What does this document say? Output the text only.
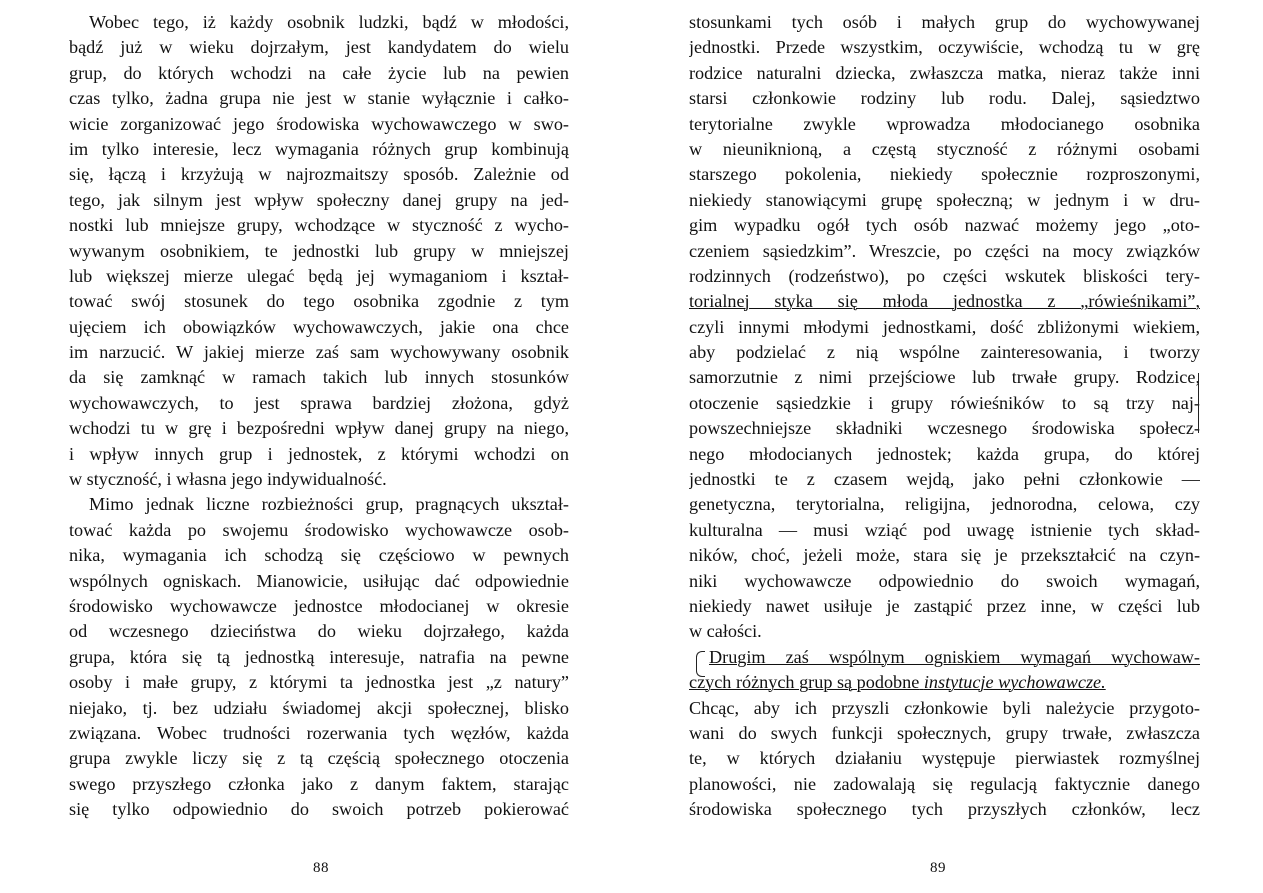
Wobec tego, iż każdy osobnik ludzki, bądź w młodości,
bądź już w wieku dojrzałym, jest kandydatem do wielu
grup, do których wchodzi na całe życie lub na pewien
czas tylko, żadna grupa nie jest w stanie wyłącznie i całko-
wicie zorganizować jego środowiska wychowawczego w swo-
im tylko interesie, lecz wymagania różnych grup kombinują
się, łączą i krzyżują w najrozmaitszy sposób. Zależnie od
tego, jak silnym jest wpływ społeczny danej grupy na jed-
nostki lub mniejsze grupy, wchodzące w styczność z wycho-
wywanym osobnikiem, te jednostki lub grupy w mniejszej
lub większej mierze ulegać będą jej wymaganiom i kształ-
tować swój stosunek do tego osobnika zgodnie z tym
ujęciem ich obowiązków wychowawczych, jakie ona chce
im narzucić. W jakiej mierze zaś sam wychowywany osobnik
da się zamknąć w ramach takich lub innych stosunków
wychowawczych, to jest sprawa bardziej złożona, gdyż
wchodzi tu w grę i bezpośredni wpływ danej grupy na niego,
i wpływ innych grup i jednostek, z którymi wchodzi on
w styczność, i własna jego indywidualność.
Mimo jednak liczne rozbieżności grup, pragnących ukształ-
tować każda po swojemu środowisko wychowawcze osob-
nika, wymagania ich schodzą się częściowo w pewnych
wspólnych ogniskach. Mianowicie, usiłując dać odpowiednie
środowisko wychowawcze jednostce młodocianej w okresie
od wczesnego dzieciństwa do wieku dojrzałego, każda
grupa, która się tą jednostką interesuje, natrafia na pewne
osoby i małe grupy, z którymi ta jednostka jest „z natury”
niejako, tj. bez udziału świadomej akcji społecznej, blisko
związana. Wobec trudności rozerwania tych węzłów, każda
grupa zwykle liczy się z tą częścią społecznego otoczenia
swego przyszłego członka jako z danym faktem, starając
się tylko odpowiednio do swoich potrzeb pokierować
88
stosunkami tych osób i małych grup do wychowywanej
jednostki. Przede wszystkim, oczywiście, wchodzą tu w grę
rodzice naturalni dziecka, zwłaszcza matka, nieraz także inni
starsi członkowie rodziny lub rodu. Dalej, sąsiedztwo
terytorialne zwykle wprowadza młodocianego osobnika
w nieuniknioną, a częstą styczność z różnymi osobami
starszego pokolenia, niekiedy społecznie rozproszonymi,
niekiedy stanowiącymi grupę społeczną; w jednym i w dru-
gim wypadku ogół tych osób nazwać możemy jego „oto-
czeniem sąsiedzkim”. Wreszcie, po części na mocy związków
rodzinnych (rodzeństwo), po części wskutek bliskości tery-
torialnej styka się młoda jednostka z „rówieśnikami”,
czyli innymi młodymi jednostkami, dość zbliżonymi wiekiem,
aby podzielać z nią wspólne zainteresowania, i tworzy
samorzutnie z nimi przejściowe lub trwałe grupy. Rodzice,
otoczenie sąsiedzkie i grupy rówieśników to są trzy naj-
powszechniejsze składniki wczesnego środowiska społecz-
nego młodocianych jednostek; każda grupa, do której
jednostki te z czasem wejdą, jako pełni członkowie —
genetyczna, terytorialna, religijna, jednorodna, celowa, czy
kulturalna — musi wziąć pod uwagę istnienie tych skład-
ników, choć, jeżeli może, stara się je przekształcić na czyn-
niki wychowawcze odpowiednio do swoich wymagań,
niekiedy nawet usiłuje je zastąpić przez inne, w części lub
w całości.
Drugim zaś wspólnym ogniskiem wymagań wychowaw-
czych różnych grup są podobne instytucje wychowawcze.
Chcąc, aby ich przyszli członkowie byli należycie przygoto-
wani do swych funkcji społecznych, grupy trwałe, zwłaszcza
te, w których działaniu występuje pierwiastek rozmyślnej
planowości, nie zadowalają się regulacją faktycznie danego
środowiska społecznego tych przyszłych członków, lecz
89
